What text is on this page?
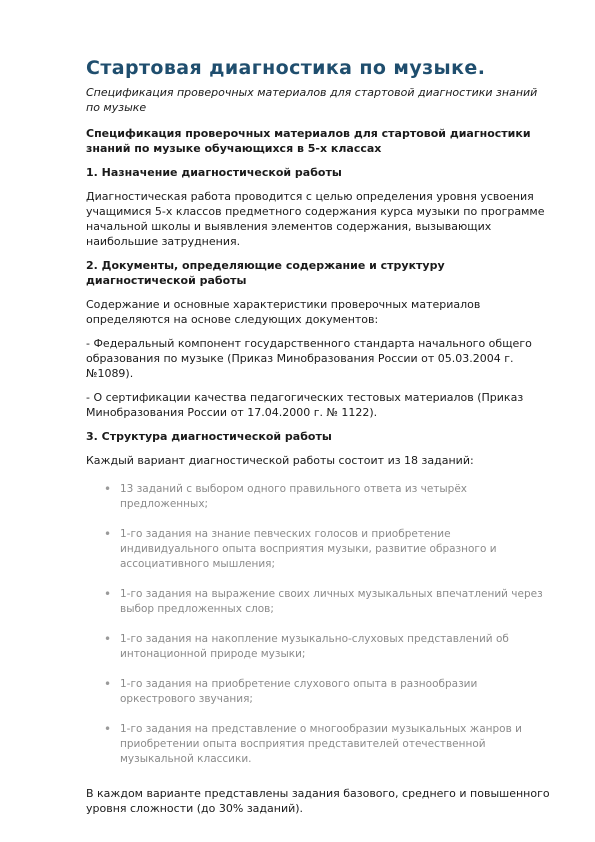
Стартовая диагностика по музыке.

Спецификация проверочных материалов для стартовой диагностики знаний по музыке

Спецификация проверочных материалов для стартовой диагностики знаний по музыке обучающихся в 5-х классах
1. Назначение диагностической работы

Диагностическая работа проводится с целью определения уровня усвоения учащимися 5-х классов предметного содержания курса музыки по программе начальной школы и выявления элементов содержания, вызывающих наибольшие затруднения.

2. Документы, определяющие содержание и структуру
диагностической работы

Содержание и основные характеристики проверочных материалов определяются на основе следующих документов:

- Федеральный компонент государственного стандарта начального общего образования по музыке (Приказ Минобразования России от 05.03.2004 г. №1089).

- О сертификации качества педагогических тестовых материалов (Приказ Минобразования России от 17.04.2000 г. № 1122).

3. Структура диагностической работы

Каждый вариант диагностической работы состоит из 18 заданий:

• 13 заданий с выбором одного правильного ответа из четырёх предложенных;
• 1-го задания на знание певческих голосов и приобретение индивидуального опыта восприятия музыки, развитие образного и ассоциативного мышления;
• 1-го задания на выражение своих личных музыкальных впечатлений через выбор предложенных слов;
• 1-го задания на накопление музыкально-слуховых представлений об интонационной природе музыки;
• 1-го задания на приобретение слухового опыта в разнообразии оркестрового звучания;
• 1-го задания на представление о многообразии музыкальных жанров и приобретении опыта восприятия представителей отечественной музыкальной классики.

В каждом варианте представлены задания базового, среднего и повышенного уровня сложности (до 30% заданий).
